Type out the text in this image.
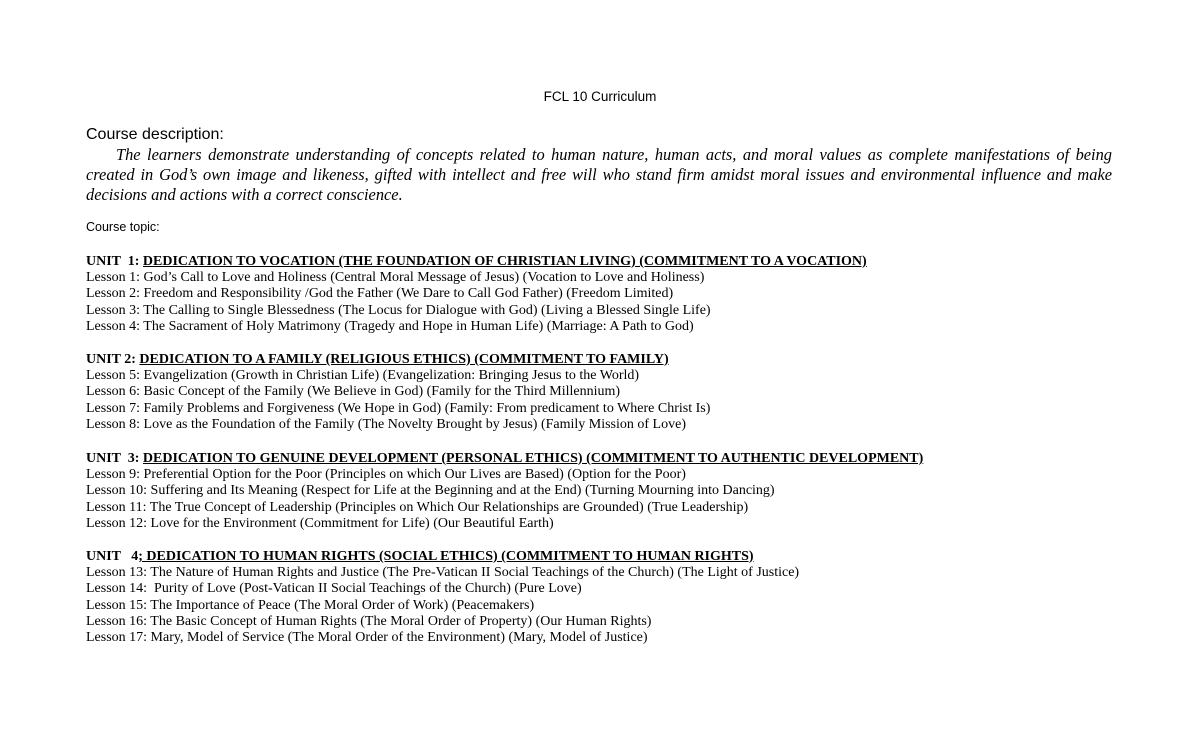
FCL 10 Curriculum
Course description:

The learners demonstrate understanding of concepts related to human nature, human acts, and moral values as complete manifestations of being created in God’s own image and likeness, gifted with intellect and free will who stand firm amidst moral issues and environmental influence and make decisions and actions with a correct conscience.

Course topic:
UNIT  1: DEDICATION TO VOCATION (THE FOUNDATION OF CHRISTIAN LIVING) (COMMITMENT TO A VOCATION)
Lesson 1: God’s Call to Love and Holiness (Central Moral Message of Jesus) (Vocation to Love and Holiness)
Lesson 2: Freedom and Responsibility /God the Father (We Dare to Call God Father) (Freedom Limited)
Lesson 3: The Calling to Single Blessedness (The Locus for Dialogue with God) (Living a Blessed Single Life)
Lesson 4: The Sacrament of Holy Matrimony (Tragedy and Hope in Human Life) (Marriage: A Path to God)
UNIT 2: DEDICATION TO A FAMILY (RELIGIOUS ETHICS) (COMMITMENT TO FAMILY)
Lesson 5: Evangelization (Growth in Christian Life) (Evangelization: Bringing Jesus to the World)
Lesson 6: Basic Concept of the Family (We Believe in God) (Family for the Third Millennium)
Lesson 7: Family Problems and Forgiveness (We Hope in God) (Family: From predicament to Where Christ Is)
Lesson 8: Love as the Foundation of the Family (The Novelty Brought by Jesus) (Family Mission of Love)
UNIT  3: DEDICATION TO GENUINE DEVELOPMENT (PERSONAL ETHICS) (COMMITMENT TO AUTHENTIC DEVELOPMENT)
Lesson 9: Preferential Option for the Poor (Principles on which Our Lives are Based) (Option for the Poor)
Lesson 10: Suffering and Its Meaning (Respect for Life at the Beginning and at the End) (Turning Mourning into Dancing)
Lesson 11: The True Concept of Leadership (Principles on Which Our Relationships are Grounded) (True Leadership)
Lesson 12: Love for the Environment (Commitment for Life) (Our Beautiful Earth)
UNIT   4; DEDICATION TO HUMAN RIGHTS (SOCIAL ETHICS) (COMMITMENT TO HUMAN RIGHTS)
Lesson 13: The Nature of Human Rights and Justice (The Pre-Vatican II Social Teachings of the Church) (The Light of Justice)
Lesson 14:  Purity of Love (Post-Vatican II Social Teachings of the Church) (Pure Love)
Lesson 15: The Importance of Peace (The Moral Order of Work) (Peacemakers)
Lesson 16: The Basic Concept of Human Rights (The Moral Order of Property) (Our Human Rights)
Lesson 17: Mary, Model of Service (The Moral Order of the Environment) (Mary, Model of Justice)
